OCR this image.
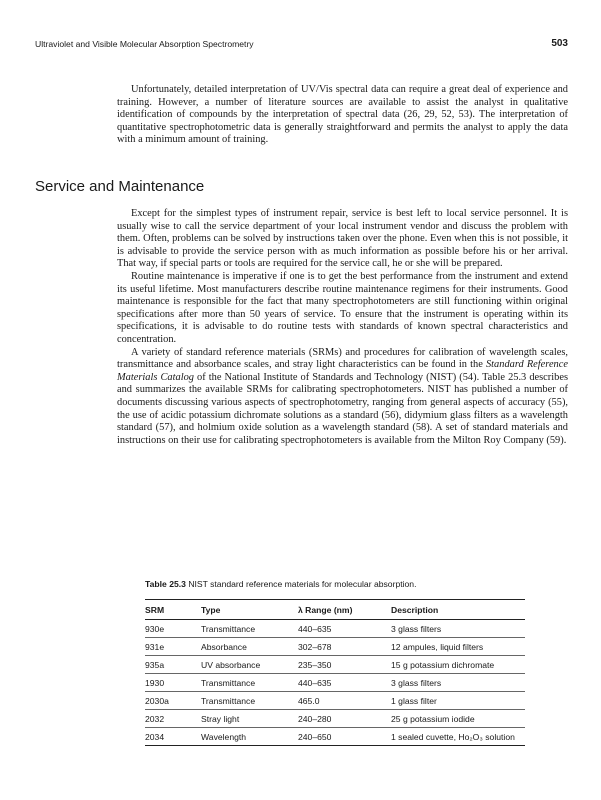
Ultraviolet and Visible Molecular Absorption Spectrometry	503

Unfortunately, detailed interpretation of UV/Vis spectral data can require a great deal of experience and training. However, a number of literature sources are available to assist the analyst in qualitative identification of compounds by the interpretation of spectral data (26, 29, 52, 53). The interpretation of quantitative spectrophotometric data is generally straightforward and permits the analyst to apply the data with a minimum amount of training.

Service and Maintenance

Except for the simplest types of instrument repair, service is best left to local service personnel. It is usually wise to call the service department of your local instrument vendor and discuss the problem with them. Often, problems can be solved by instructions taken over the phone. Even when this is not possible, it is advisable to provide the service person with as much information as possible before his or her arrival. That way, if special parts or tools are required for the service call, he or she will be prepared.

Routine maintenance is imperative if one is to get the best performance from the instrument and extend its useful lifetime. Most manufacturers describe routine maintenance regimens for their instruments. Good maintenance is responsible for the fact that many spectrophotometers are still functioning within original specifications after more than 50 years of service. To ensure that the instrument is operating within its specifications, it is advisable to do routine tests with standards of known spectral characteristics and concentration.

A variety of standard reference materials (SRMs) and procedures for calibration of wavelength scales, transmittance and absorbance scales, and stray light characteristics can be found in the Standard Reference Materials Catalog of the National Institute of Standards and Technology (NIST) (54). Table 25.3 describes and summarizes the available SRMs for calibrating spectrophotometers. NIST has published a number of documents discussing various aspects of spectrophotometry, ranging from general aspects of accuracy (55), the use of acidic potassium dichromate solutions as a standard (56), didymium glass filters as a wavelength standard (57), and holmium oxide solution as a wavelength standard (58). A set of standard materials and instructions on their use for calibrating spectrophotometers is available from the Milton Roy Company (59).

Table 25.3 NIST standard reference materials for molecular absorption.

SRM	Type	λ Range (nm)	Description
930e	Transmittance	440–635	3 glass filters
931e	Absorbance	302–678	12 ampules, liquid filters
935a	UV absorbance	235–350	15 g potassium dichromate
1930	Transmittance	440–635	3 glass filters
2030a	Transmittance	465.0	1 glass filter
2032	Stray light	240–280	25 g potassium iodide
2034	Wavelength	240–650	1 sealed cuvette, Ho₂O₃ solution
